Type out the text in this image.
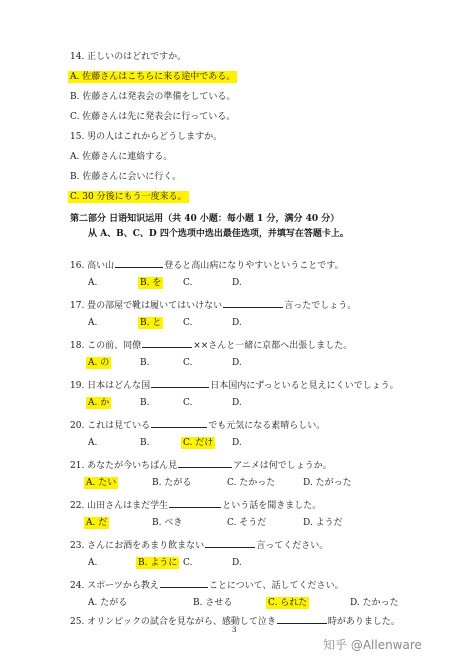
14. 正しいのはどれですか。
A. 佐藤さんはこちらに来る途中である。
B. 佐藤さんは発表会の準備をしている。
C. 佐藤さんは先に発表会に行っている。
15. 男の人はこれからどうしますか。
A. 佐藤さんに連絡する。
B. 佐藤さんに会いに行く。
C. 30 分後にもう一度来る。
第二部分 日语知识运用（共 40 小题：每小题 1 分，满分 40 分）
从 A、B、C、D 四个选项中选出最佳选项，并填写在答题卡上。
16. 高い山	登ると高山病になりやすいということです。
A.	B. を C.	D.
17. 畳の部屋で靴は履いてはいけない	言ったでしょう。
A.	B. と C.	D.
18. この前、同僚	××さんと一緒に京都へ出張しました。
A. の	B.	C.	D.
19. 日本はどんな国	日本国内にずっといると見えにくいでしょう。
A. か	B.	C.	D.
20. これは見ている	でも元気になる素晴らしい。
A.	B.	C. だけ D.
21. あなたが今いちばん見	アニメは何でしょうか。
A. たい	B. たがる	C. たかった	D. たがった
22. 山田さんはまだ学生	という話を聞きました。
A. だ	B. べき	C. そうだ	D. ようだ
23. さんにお酒をあまり飲まない	言ってください。
A.	B. ように C.	D.
24. スポーツから教え	ことについて、話してください。
A. たがる	B. させる	C. られた	D. たかった
25. オリンピックの試合を見ながら、感動して泣き	時がありました。
3
知乎 @Allenware
